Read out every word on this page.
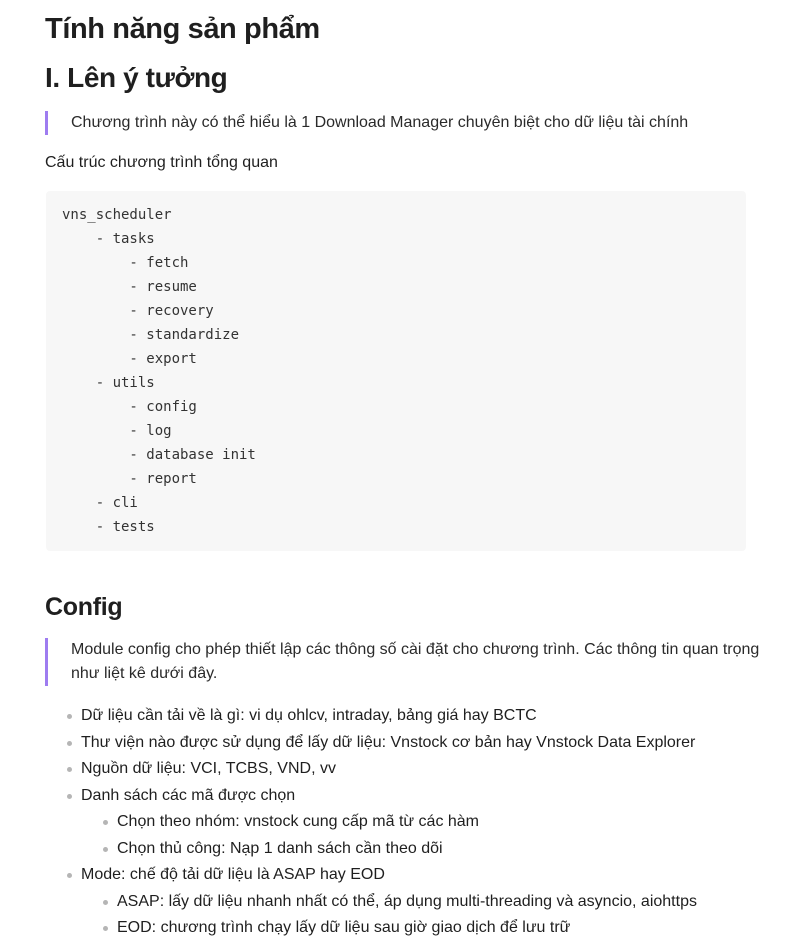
Tính năng sản phẩm
I. Lên ý tưởng
Chương trình này có thể hiểu là 1 Download Manager chuyên biệt cho dữ liệu tài chính
Cấu trúc chương trình tổng quan
vns_scheduler
- tasks
- fetch
- resume
- recovery
- standardize
- export
- utils
- config
- log
- database init
- report
- cli
- tests
Config
Module config cho phép thiết lập các thông số cài đặt cho chương trình. Các thông tin quan trọng như liệt kê dưới đây.
Dữ liệu cần tải về là gì: vi dụ ohlcv, intraday, bảng giá hay BCTC
Thư viện nào được sử dụng để lấy dữ liệu: Vnstock cơ bản hay Vnstock Data Explorer
Nguồn dữ liệu: VCI, TCBS, VND, vv
Danh sách các mã được chọn
Chọn theo nhóm: vnstock cung cấp mã từ các hàm
Chọn thủ công: Nạp 1 danh sách cần theo dõi
Mode: chế độ tải dữ liệu là ASAP hay EOD
ASAP: lấy dữ liệu nhanh nhất có thể, áp dụng multi-threading và asyncio, aiohttps
EOD: chương trình chạy lấy dữ liệu sau giờ giao dịch để lưu trữ
